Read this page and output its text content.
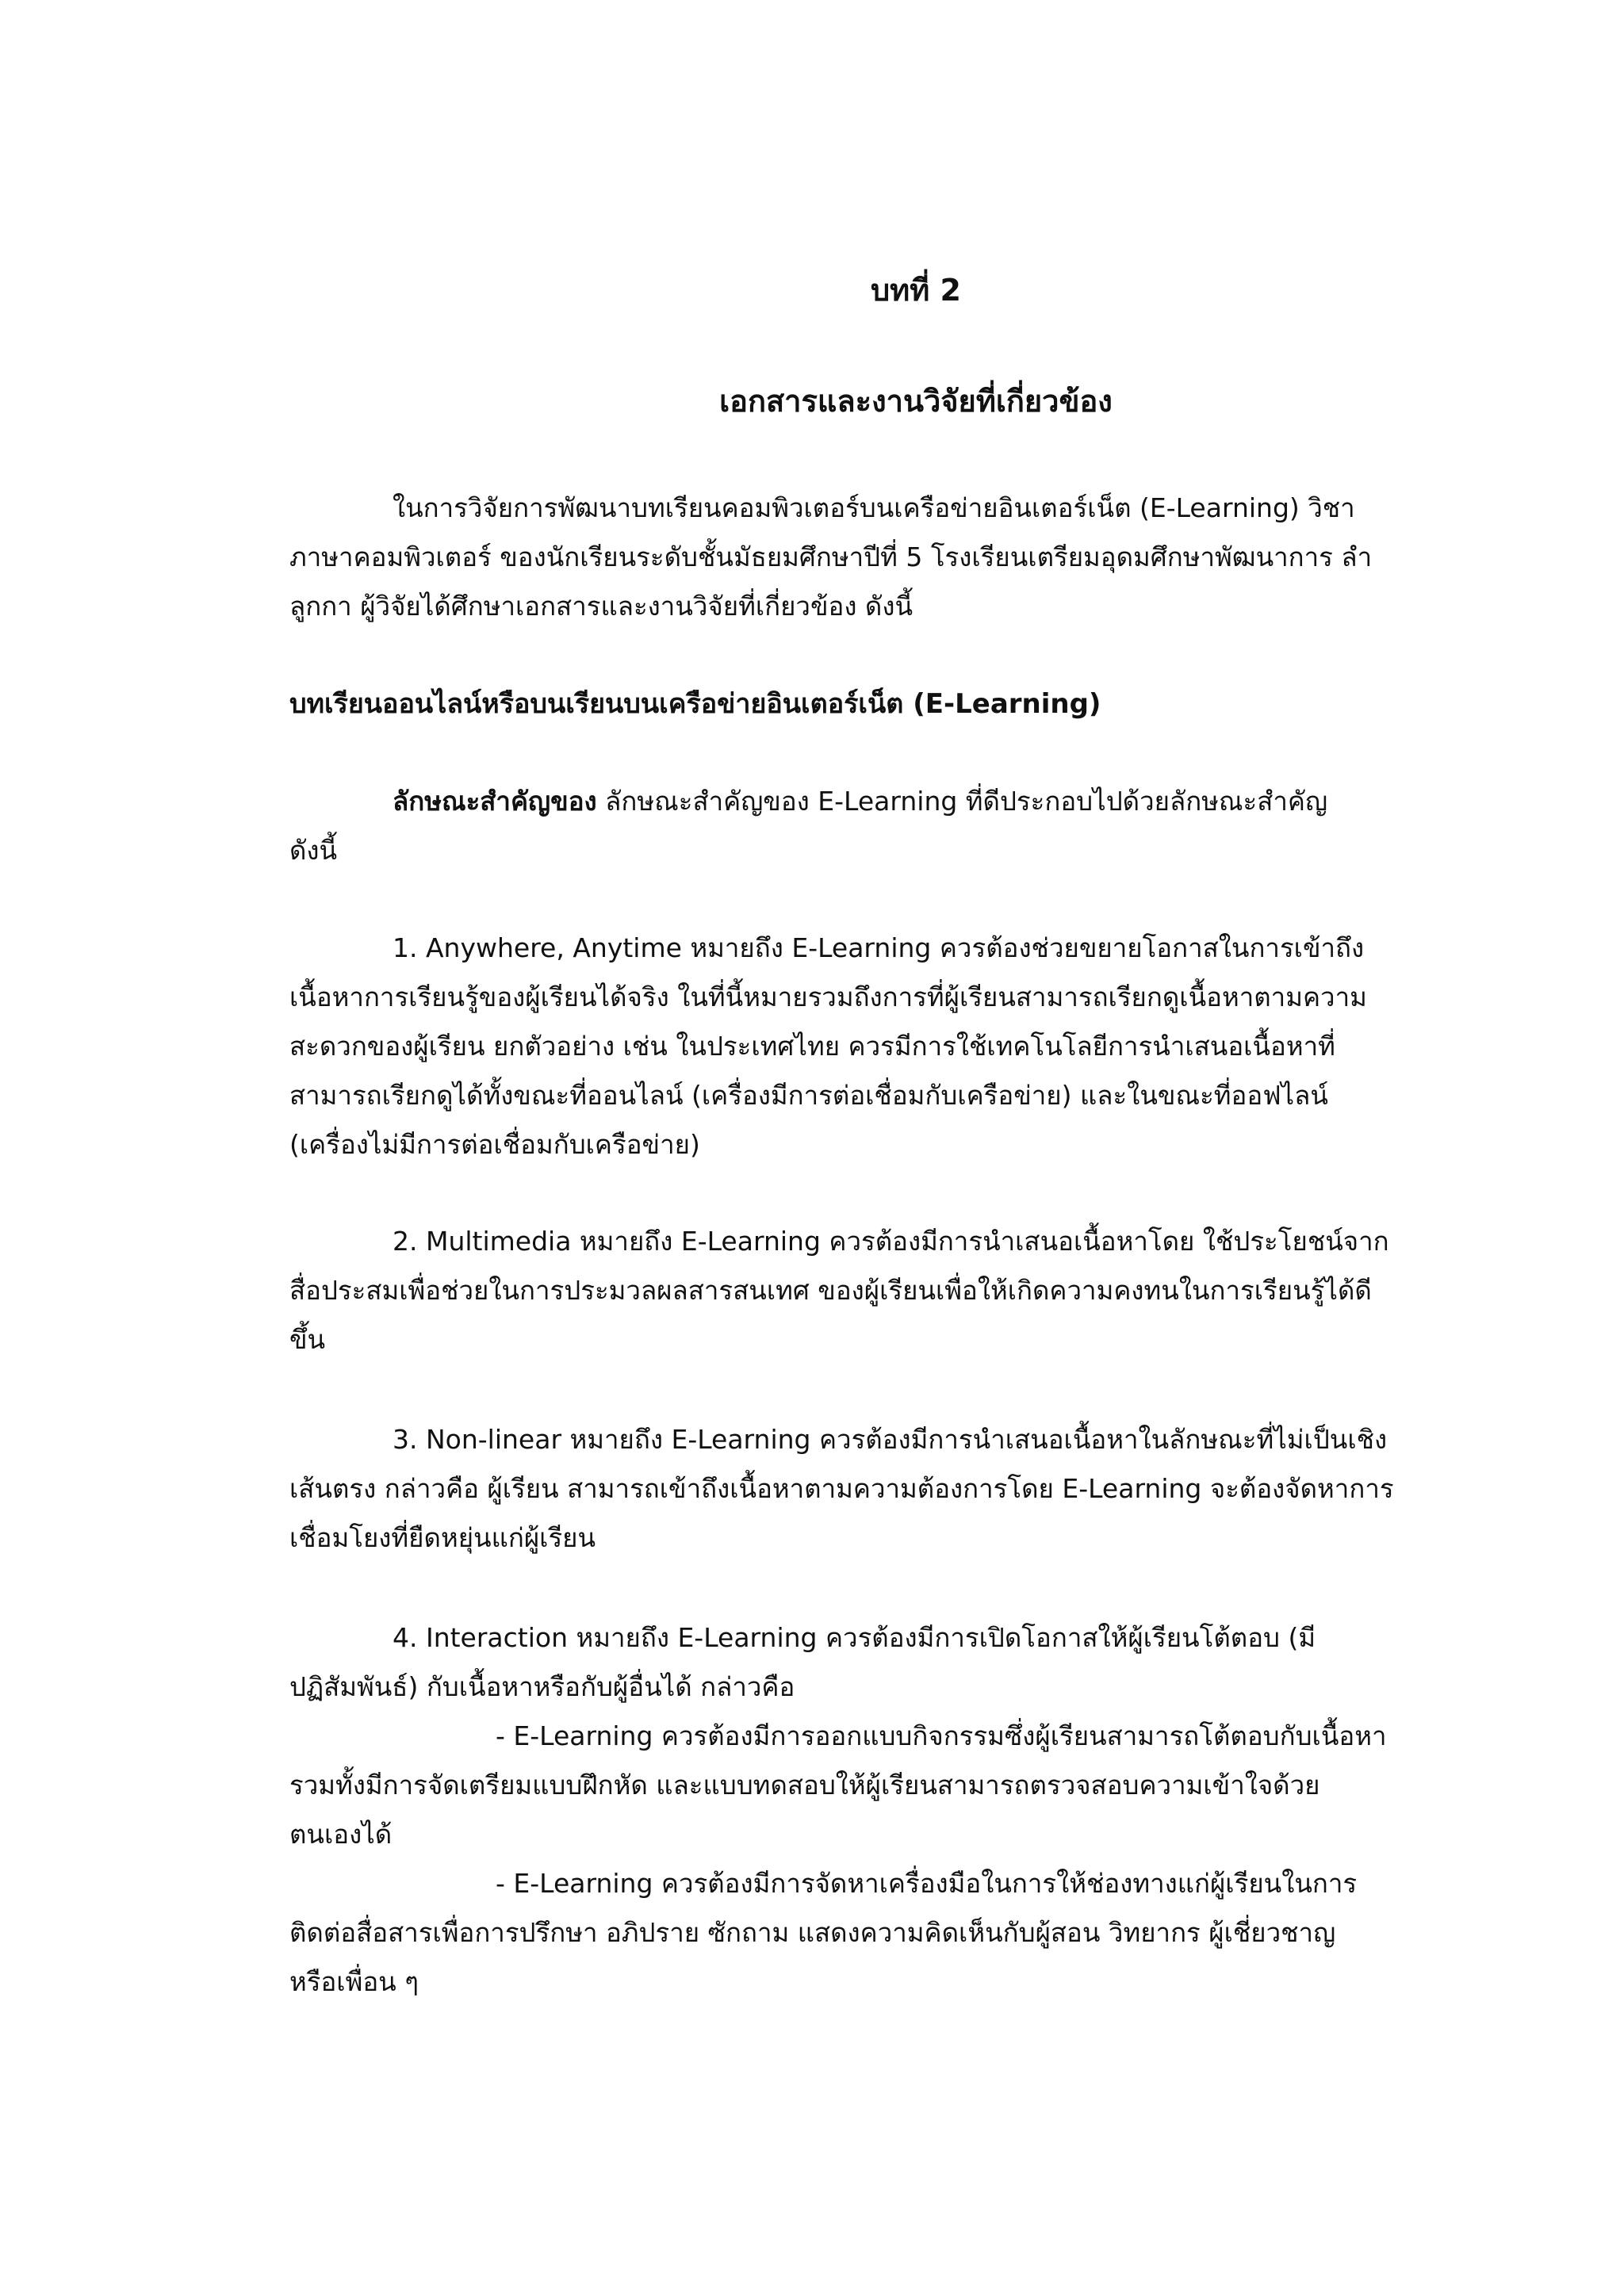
บทที่ 2
เอกสารและงานวิจัยที่เกี่ยวข้อง
ในการวิจัยการพัฒนาบทเรียนคอมพิวเตอร์บนเครือข่ายอินเตอร์เน็ต (E-Learning) วิชา
ภาษาคอมพิวเตอร์ ของนักเรียนระดับชั้นมัธยมศึกษาปีที่ 5 โรงเรียนเตรียมอุดมศึกษาพัฒนาการ ลำ
ลูกกา ผู้วิจัยได้ศึกษาเอกสารและงานวิจัยที่เกี่ยวข้อง ดังนี้
บทเรียนออนไลน์หรือบนเรียนบนเครือข่ายอินเตอร์เน็ต (E-Learning)
ลักษณะสำคัญของ ลักษณะสำคัญของ E-Learning ที่ดีประกอบไปด้วยลักษณะสำคัญ
ดังนี้
1. Anywhere, Anytime หมายถึง E-Learning ควรต้องช่วยขยายโอกาสในการเข้าถึง
เนื้อหาการเรียนรู้ของผู้เรียนได้จริง ในที่นี้หมายรวมถึงการที่ผู้เรียนสามารถเรียกดูเนื้อหาตามความ
สะดวกของผู้เรียน ยกตัวอย่าง เช่น ในประเทศไทย ควรมีการใช้เทคโนโลยีการนำเสนอเนื้อหาที่
สามารถเรียกดูได้ทั้งขณะที่ออนไลน์ (เครื่องมีการต่อเชื่อมกับเครือข่าย) และในขณะที่ออฟไลน์
(เครื่องไม่มีการต่อเชื่อมกับเครือข่าย)
2. Multimedia หมายถึง E-Learning ควรต้องมีการนำเสนอเนื้อหาโดย ใช้ประโยชน์จาก
สื่อประสมเพื่อช่วยในการประมวลผลสารสนเทศ ของผู้เรียนเพื่อให้เกิดความคงทนในการเรียนรู้ได้ดี
ขึ้น
3. Non-linear หมายถึง E-Learning ควรต้องมีการนำเสนอเนื้อหาในลักษณะที่ไม่เป็นเชิง
เส้นตรง กล่าวคือ ผู้เรียน สามารถเข้าถึงเนื้อหาตามความต้องการโดย E-Learning จะต้องจัดหาการ
เชื่อมโยงที่ยืดหยุ่นแก่ผู้เรียน
4. Interaction หมายถึง E-Learning ควรต้องมีการเปิดโอกาสให้ผู้เรียนโต้ตอบ (มี
ปฏิสัมพันธ์) กับเนื้อหาหรือกับผู้อื่นได้ กล่าวคือ
- E-Learning ควรต้องมีการออกแบบกิจกรรมซึ่งผู้เรียนสามารถโต้ตอบกับเนื้อหา
รวมทั้งมีการจัดเตรียมแบบฝึกหัด และแบบทดสอบให้ผู้เรียนสามารถตรวจสอบความเข้าใจด้วย
ตนเองได้
- E-Learning ควรต้องมีการจัดหาเครื่องมือในการให้ช่องทางแก่ผู้เรียนในการ
ติดต่อสื่อสารเพื่อการปรึกษา อภิปราย ซักถาม แสดงความคิดเห็นกับผู้สอน วิทยากร ผู้เชี่ยวชาญ
หรือเพื่อน ๆ
